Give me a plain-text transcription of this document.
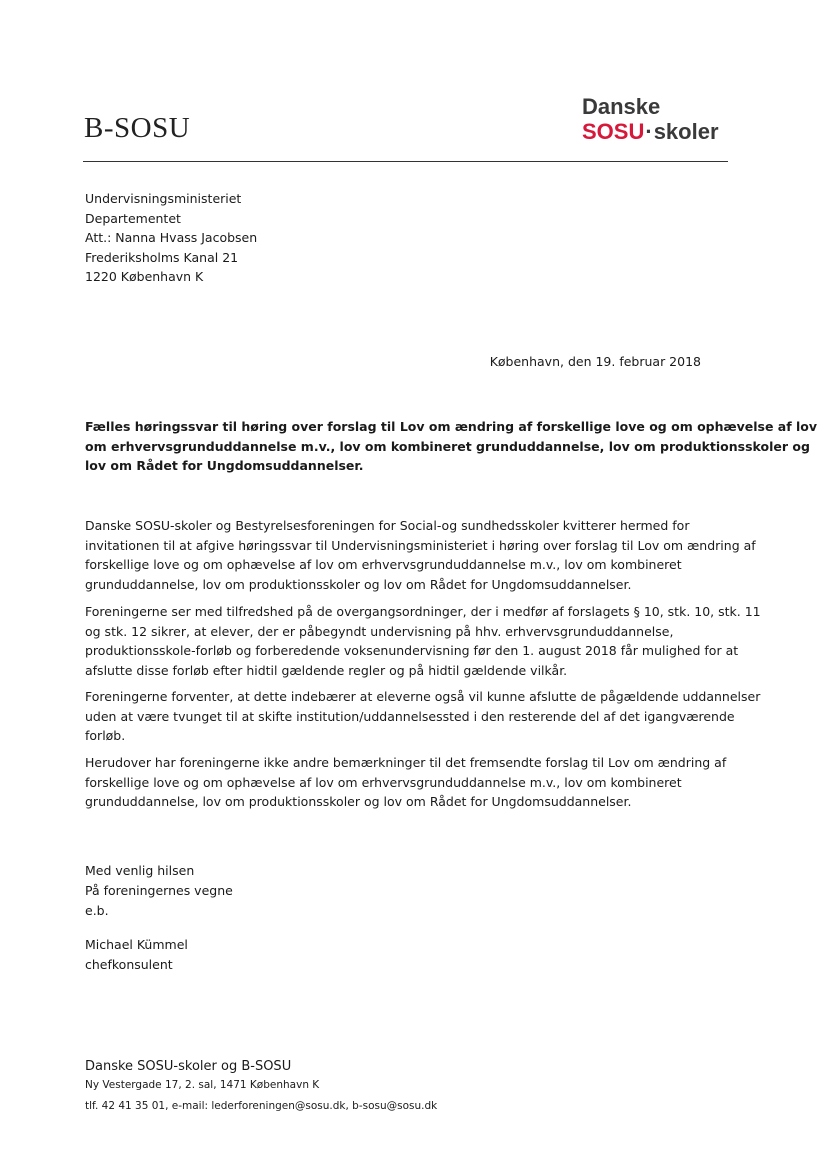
B-SOSU
Danske
SOSU·skoler
Undervisningsministeriet
Departementet
Att.: Nanna Hvass Jacobsen
Frederiksholms Kanal 21
1220 København K
København, den 19. februar 2018
Fælles høringssvar til høring over forslag til Lov om ændring af forskellige love og om ophævelse af lov
om erhvervsgrunduddannelse m.v., lov om kombineret grunduddannelse, lov om produktionsskoler og
lov om Rådet for Ungdomsuddannelser.
Danske SOSU-skoler og Bestyrelsesforeningen for Social-og sundhedsskoler kvitterer hermed for
invitationen til at afgive høringssvar til Undervisningsministeriet i høring over forslag til Lov om ændring af
forskellige love og om ophævelse af lov om erhvervsgrunduddannelse m.v., lov om kombineret
grunduddannelse, lov om produktionsskoler og lov om Rådet for Ungdomsuddannelser.
Foreningerne ser med tilfredshed på de overgangsordninger, der i medfør af forslagets § 10, stk. 10, stk. 11
og stk. 12 sikrer, at elever, der er påbegyndt undervisning på hhv. erhvervsgrunduddannelse,
produktionsskole-forløb og forberedende voksenundervisning før den 1. august 2018 får mulighed for at
afslutte disse forløb efter hidtil gældende regler og på hidtil gældende vilkår.
Foreningerne forventer, at dette indebærer at eleverne også vil kunne afslutte de pågældende uddannelser
uden at være tvunget til at skifte institution/uddannelsessted i den resterende del af det igangværende
forløb.
Herudover har foreningerne ikke andre bemærkninger til det fremsendte forslag til Lov om ændring af
forskellige love og om ophævelse af lov om erhvervsgrunduddannelse m.v., lov om kombineret
grunduddannelse, lov om produktionsskoler og lov om Rådet for Ungdomsuddannelser.
Med venlig hilsen
På foreningernes vegne
e.b.
Michael Kümmel
chefkonsulent
Danske SOSU-skoler og B-SOSU
Ny Vestergade 17, 2. sal, 1471 København K
tlf. 42 41 35 01, e-mail: lederforeningen@sosu.dk, b-sosu@sosu.dk
